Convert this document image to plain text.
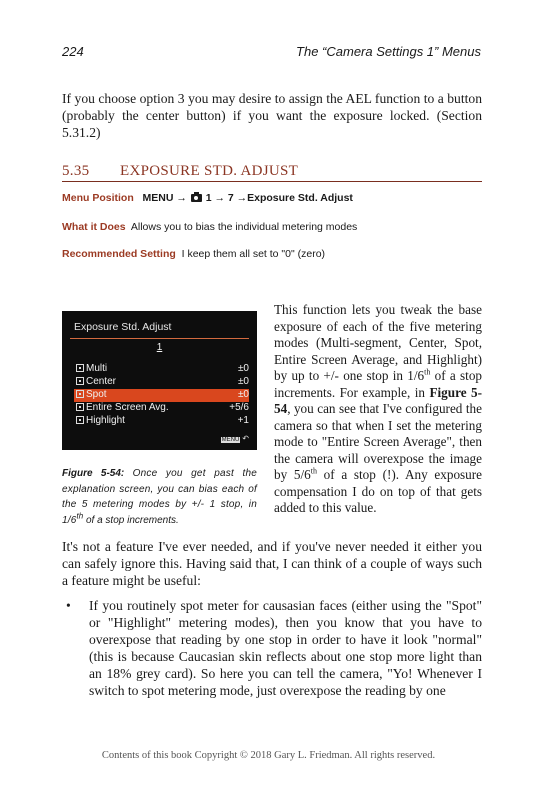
224	The “Camera Settings 1” Menus
If you choose option 3 you may desire to assign the AEL function to a button (probably the center button) if you want the exposure locked. (Section 5.31.2)
5.35 EXPOSURE STD. ADJUST
Menu Position MENU → 1 → 7 →Exposure Std. Adjust
What it Does Allows you to bias the individual metering modes
Recommended Setting I keep them all set to "0" (zero)
Exposure Std. Adjust
1
Multi	±0
Center	±0
Spot	±0
Entire Screen Avg.	+5/6
Highlight	+1
MENU ↶
Figure 5-54: Once you get past the explanation screen, you can bias each of the 5 metering modes by +/- 1 stop, in 1/6th of a stop increments.
This function lets you tweak the base exposure of each of the five metering modes (Multi-segment, Center, Spot, Entire Screen Average, and Highlight) by up to +/- one stop in 1/6th of a stop increments. For example, in Figure 5-54, you can see that I've configured the camera so that when I set the metering mode to "Entire Screen Average", then the camera will overexpose the image by 5/6th of a stop (!). Any exposure compensation I do on top of that gets added to this value.
It's not a feature I've ever needed, and if you've never needed it either you can safely ignore this. Having said that, I can think of a couple of ways such a feature might be useful:
• If you routinely spot meter for causasian faces (either using the "Spot" or "Highlight" metering modes), then you know that you have to overexpose that reading by one stop in order to have it look "normal" (this is because Caucasian skin reflects about one stop more light than an 18% grey card). So here you can tell the camera, "Yo! Whenever I switch to spot metering mode, just overexpose the reading by one
Contents of this book Copyright © 2018 Gary L. Friedman. All rights reserved.
